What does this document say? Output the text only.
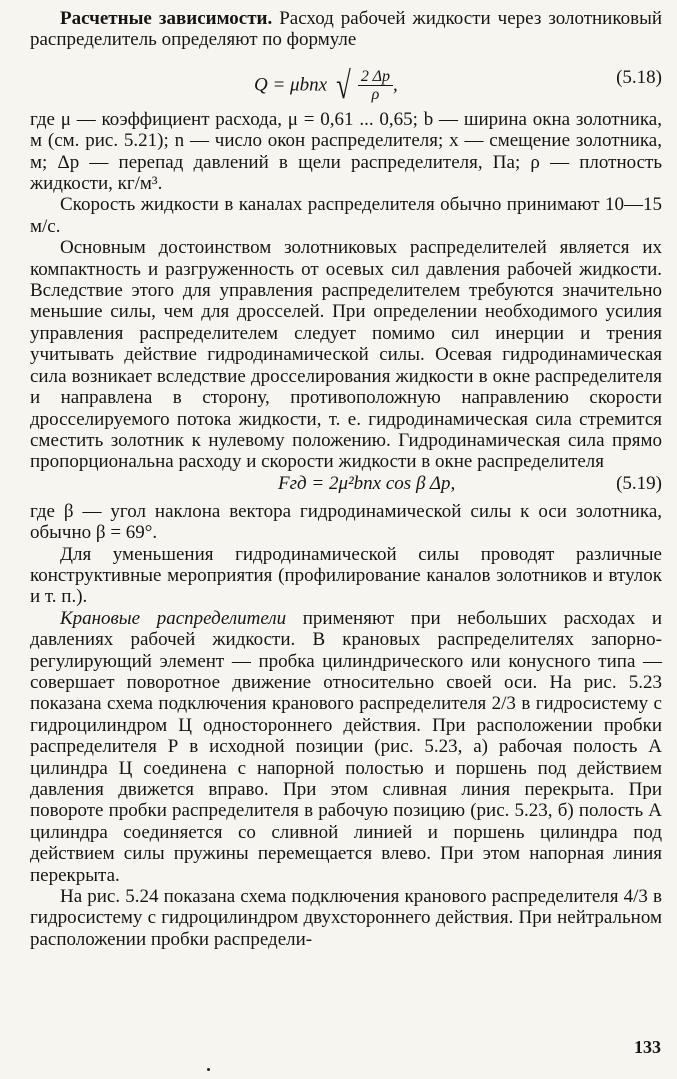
Расчетные зависимости. Расход рабочей жидкости через золотниковый распределитель определяют по формуле

Q = μbnx √ $\frac{2 \Delta p}{\rho}$ ,	(5.18)

где μ — коэффициент расхода, μ = 0,61 ... 0,65; b — ширина окна золотника, м (см. рис. 5.21); n — число окон распределителя; x — смещение золотника, м; Δp — перепад давлений в щели распределителя, Па; ρ — плотность жидкости, кг/м³.

Скорость жидкости в каналах распределителя обычно принимают 10—15 м/с.

Основным достоинством золотниковых распределителей является их компактность и разгруженность от осевых сил давления рабочей жидкости. Вследствие этого для управления распределителем требуются значительно меньшие силы, чем для дросселей. При определении необходимого усилия управления распределителем следует помимо сил инерции и трения учитывать действие гидродинамической силы. Осевая гидродинамическая сила возникает вследствие дросселирования жидкости в окне распределителя и направлена в сторону, противоположную направлению скорости дросселируемого потока жидкости, т. е. гидродинамическая сила стремится сместить золотник к нулевому положению. Гидродинамическая сила прямо пропорциональна расходу и скорости жидкости в окне распределителя

Fгд = 2μ²bnx cos β Δp,	(5.19)

где β — угол наклона вектора гидродинамической силы к оси золотника, обычно β = 69°.

Для уменьшения гидродинамической силы проводят различные конструктивные мероприятия (профилирование каналов золотников и втулок и т. п.).

Крановые распределители применяют при небольших расходах и давлениях рабочей жидкости. В крановых распределителях запорно-регулирующий элемент — пробка цилиндрического или конусного типа — совершает поворотное движение относительно своей оси. На рис. 5.23 показана схема подключения кранового распределителя 2/3 в гидросистему с гидроцилиндром Ц одностороннего действия. При расположении пробки распределителя Р в исходной позиции (рис. 5.23, а) рабочая полость А цилиндра Ц соединена с напорной полостью и поршень под действием давления движется вправо. При этом сливная линия перекрыта. При повороте пробки распределителя в рабочую позицию (рис. 5.23, б) полость А цилиндра соединяется со сливной линией и поршень цилиндра под действием силы пружины перемещается влево. При этом напорная линия перекрыта.

На рис. 5.24 показана схема подключения кранового распределителя 4/3 в гидросистему с гидроцилиндром двухстороннего действия. При нейтральном расположении пробки распредели-

133
